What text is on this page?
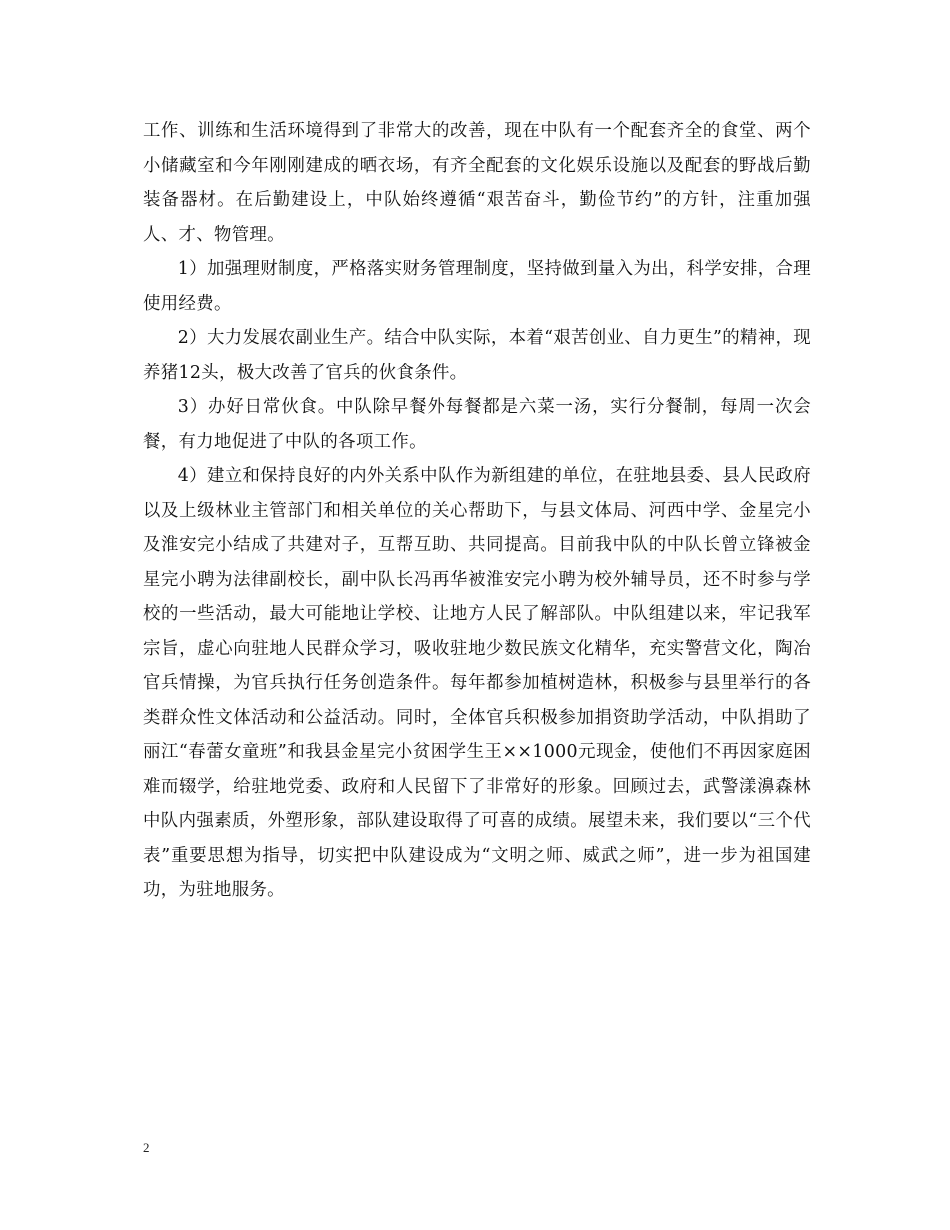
工作、训练和生活环境得到了非常大的改善，现在中队有一个配套齐全的食堂、两个小储藏室和今年刚刚建成的晒衣场，有齐全配套的文化娱乐设施以及配套的野战后勤装备器材。在后勤建设上，中队始终遵循“艰苦奋斗，勤俭节约”的方针，注重加强人、才、物管理。

1）加强理财制度，严格落实财务管理制度，坚持做到量入为出，科学安排，合理使用经费。

2）大力发展农副业生产。结合中队实际，本着“艰苦创业、自力更生”的精神，现养猪12头，极大改善了官兵的伙食条件。

3）办好日常伙食。中队除早餐外每餐都是六菜一汤，实行分餐制，每周一次会餐，有力地促进了中队的各项工作。

4）建立和保持良好的内外关系中队作为新组建的单位，在驻地县委、县人民政府以及上级林业主管部门和相关单位的关心帮助下，与县文体局、河西中学、金星完小及淮安完小结成了共建对子，互帮互助、共同提高。目前我中队的中队长曾立锋被金星完小聘为法律副校长，副中队长冯再华被淮安完小聘为校外辅导员，还不时参与学校的一些活动，最大可能地让学校、让地方人民了解部队。中队组建以来，牢记我军宗旨，虚心向驻地人民群众学习，吸收驻地少数民族文化精华，充实警营文化，陶冶官兵情操，为官兵执行任务创造条件。每年都参加植树造林，积极参与县里举行的各类群众性文体活动和公益活动。同时，全体官兵积极参加捐资助学活动，中队捐助了丽江“春蕾女童班”和我县金星完小贫困学生王××1000元现金，使他们不再因家庭困难而辍学，给驻地党委、政府和人民留下了非常好的形象。回顾过去，武警漾濞森林中队内强素质，外塑形象，部队建设取得了可喜的成绩。展望未来，我们要以“三个代表”重要思想为指导，切实把中队建设成为“文明之师、威武之师”，进一步为祖国建功，为驻地服务。

2
